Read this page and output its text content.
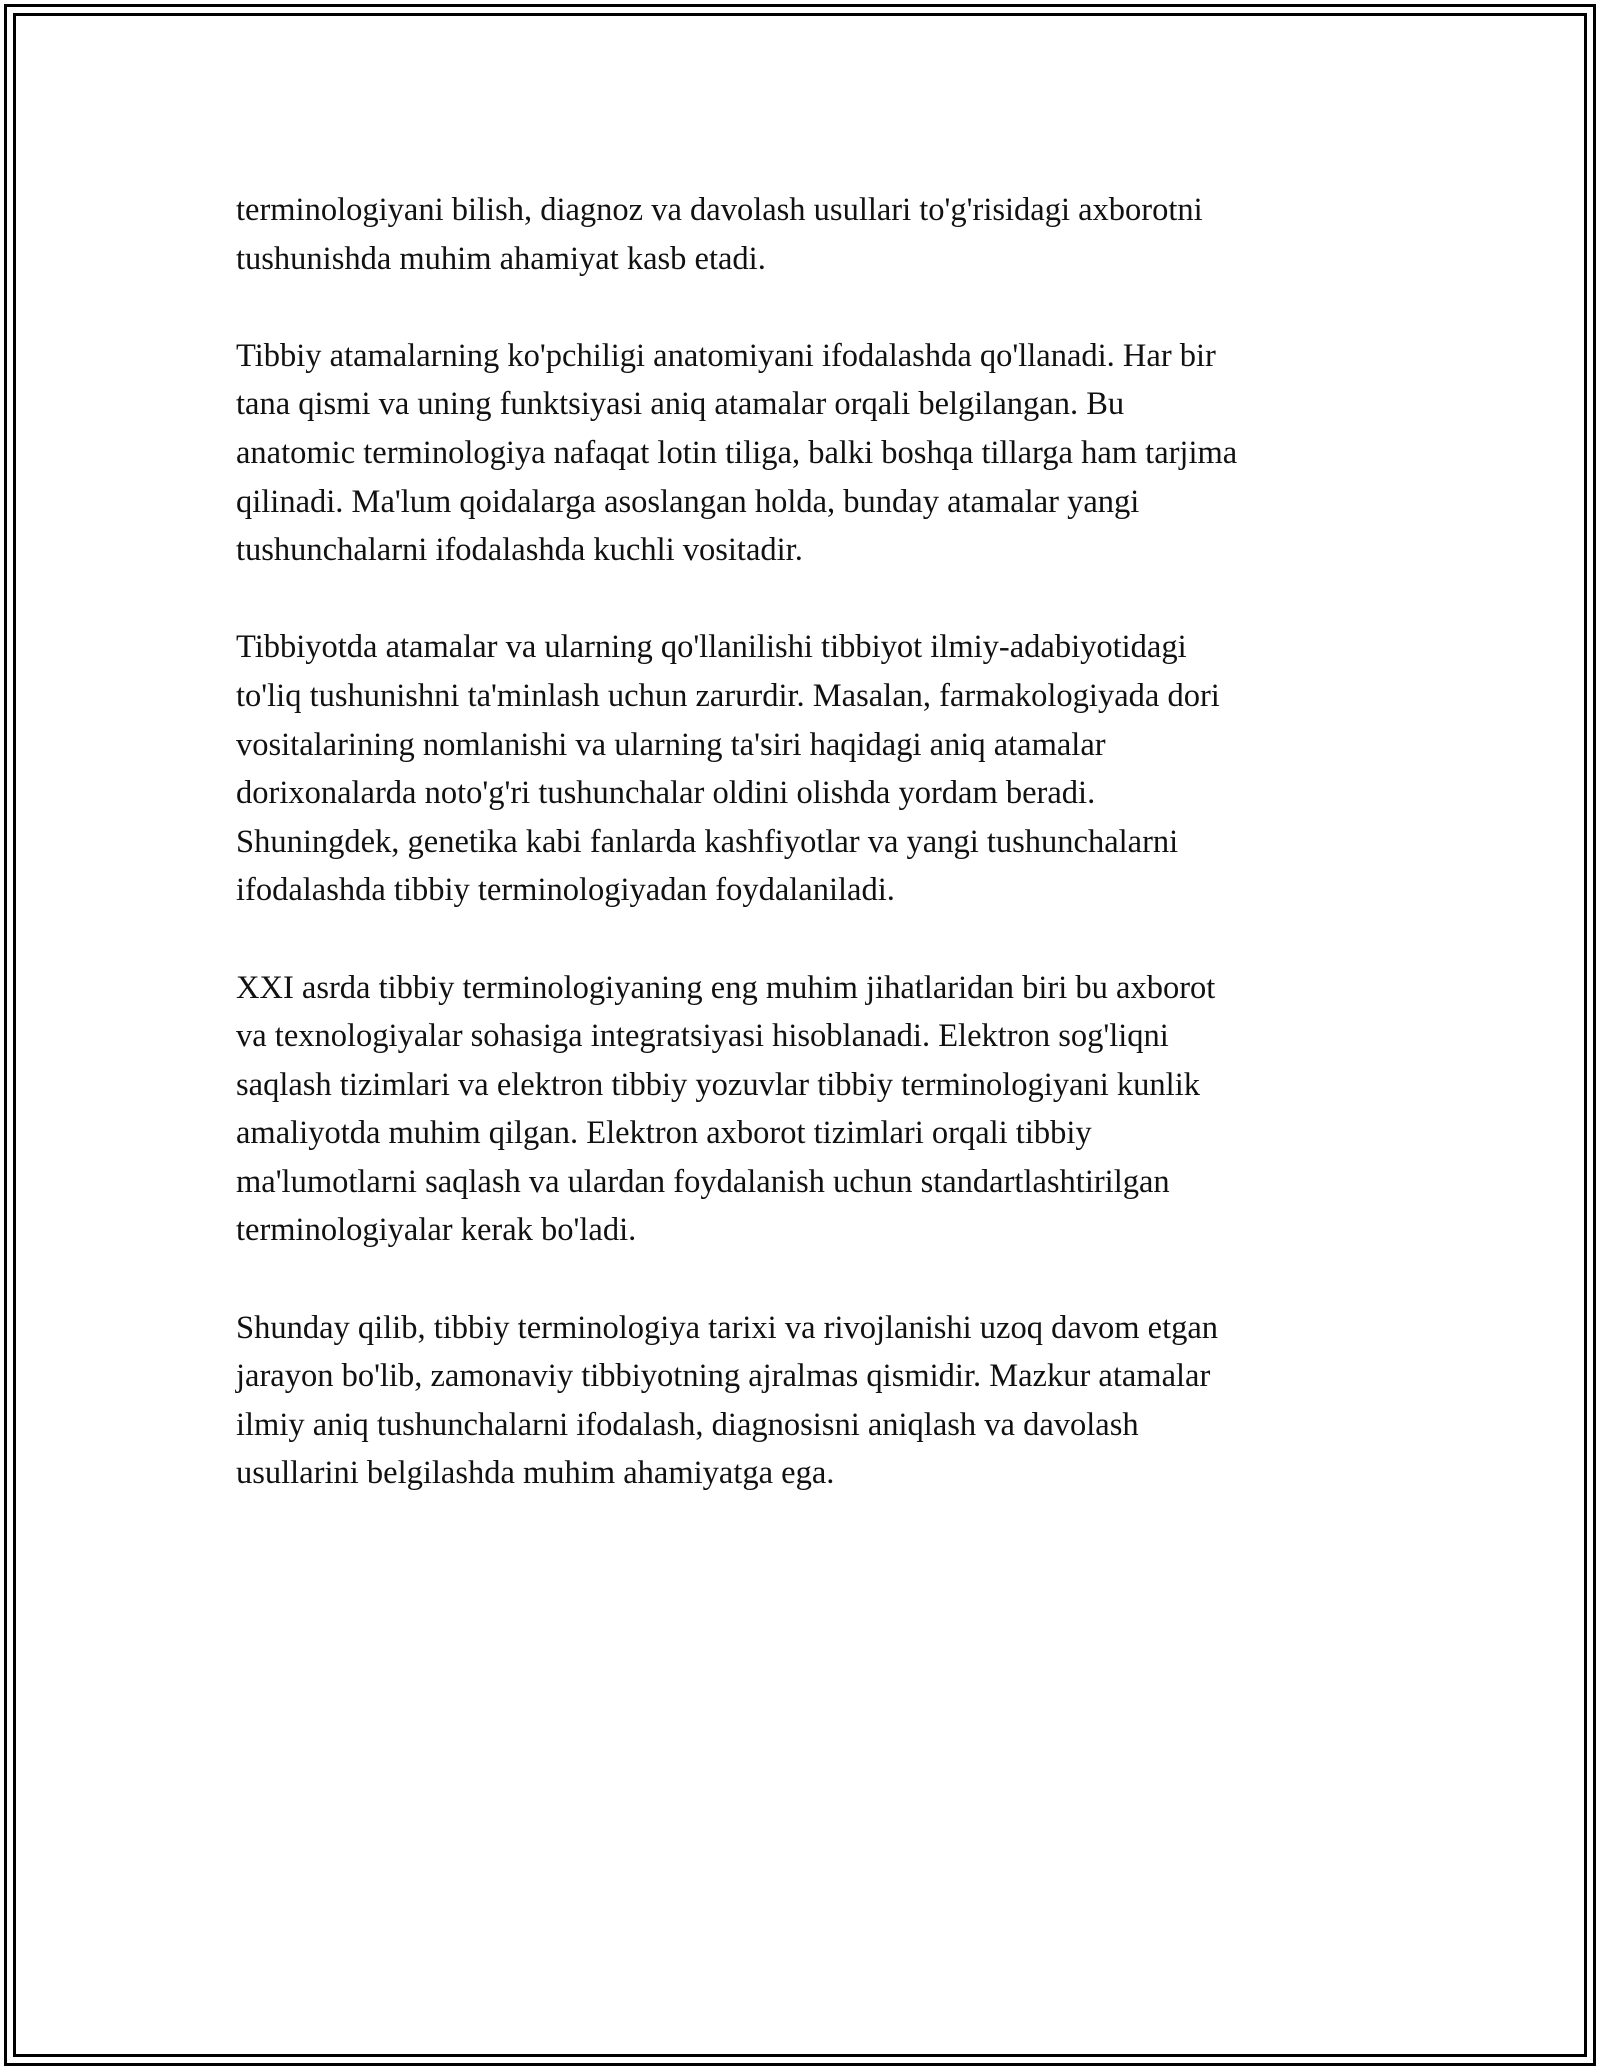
terminologiyani bilish, diagnoz va davolash usullari to'g'risidagi axborotni
tushunishda muhim ahamiyat kasb etadi.

Tibbiy atamalarning ko'pchiligi anatomiyani ifodalashda qo'llanadi. Har bir
tana qismi va uning funktsiyasi aniq atamalar orqali belgilangan. Bu
anatomic terminologiya nafaqat lotin tiliga, balki boshqa tillarga ham tarjima
qilinadi. Ma'lum qoidalarga asoslangan holda, bunday atamalar yangi
tushunchalarni ifodalashda kuchli vositadir.

Tibbiyotda atamalar va ularning qo'llanilishi tibbiyot ilmiy-adabiyotidagi
to'liq tushunishni ta'minlash uchun zarurdir. Masalan, farmakologiyada dori
vositalarining nomlanishi va ularning ta'siri haqidagi aniq atamalar
dorixonalarda noto'g'ri tushunchalar oldini olishda yordam beradi.
Shuningdek, genetika kabi fanlarda kashfiyotlar va yangi tushunchalarni
ifodalashda tibbiy terminologiyadan foydalaniladi.

XXI asrda tibbiy terminologiyaning eng muhim jihatlaridan biri bu axborot
va texnologiyalar sohasiga integratsiyasi hisoblanadi. Elektron sog'liqni
saqlash tizimlari va elektron tibbiy yozuvlar tibbiy terminologiyani kunlik
amaliyotda muhim qilgan. Elektron axborot tizimlari orqali tibbiy
ma'lumotlarni saqlash va ulardan foydalanish uchun standartlashtirilgan
terminologiyalar kerak bo'ladi.

Shunday qilib, tibbiy terminologiya tarixi va rivojlanishi uzoq davom etgan
jarayon bo'lib, zamonaviy tibbiyotning ajralmas qismidir. Mazkur atamalar
ilmiy aniq tushunchalarni ifodalash, diagnosisni aniqlash va davolash
usullarini belgilashda muhim ahamiyatga ega.
